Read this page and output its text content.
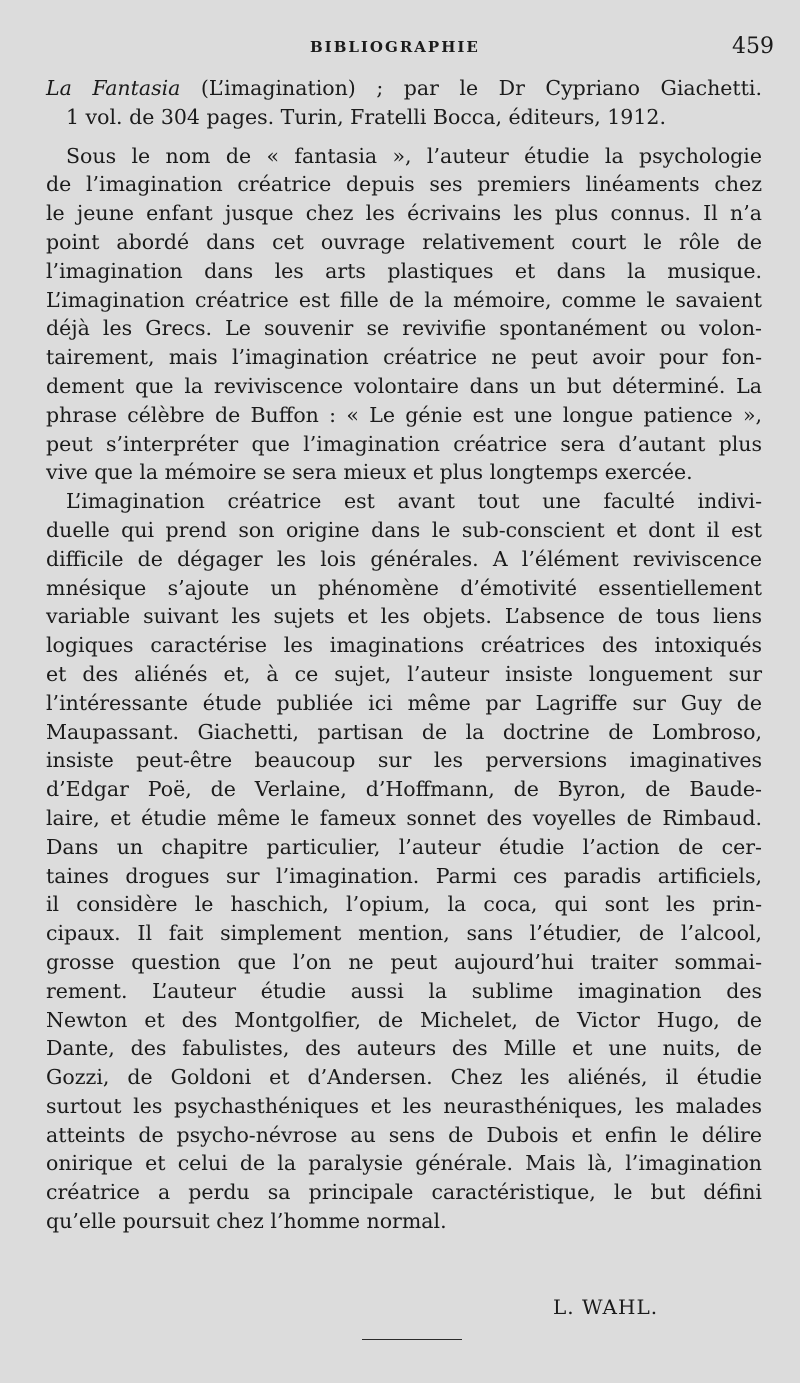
BIBLIOGRAPHIE	459
La Fantasia (L’imagination) ; par le Dr Cypriano Giachetti.
1 vol. de 304 pages. Turin, Fratelli Bocca, éditeurs, 1912.

Sous le nom de « fantasia », l’auteur étudie la psychologie
de l’imagination créatrice depuis ses premiers linéaments chez
le jeune enfant jusque chez les écrivains les plus connus. Il n’a
point abordé dans cet ouvrage relativement court le rôle de
l’imagination dans les arts plastiques et dans la musique.
L’imagination créatrice est fille de la mémoire, comme le savaient
déjà les Grecs. Le souvenir se revivifie spontanément ou volon-
tairement, mais l’imagination créatrice ne peut avoir pour fon-
dement que la reviviscence volontaire dans un but déterminé. La
phrase célèbre de Buffon : « Le génie est une longue patience »,
peut s’interpréter que l’imagination créatrice sera d’autant plus
vive que la mémoire se sera mieux et plus longtemps exercée.

L’imagination créatrice est avant tout une faculté indivi-
duelle qui prend son origine dans le sub-conscient et dont il est
difficile de dégager les lois générales. A l’élément reviviscence
mnésique s’ajoute un phénomène d’émotivité essentiellement
variable suivant les sujets et les objets. L’absence de tous liens
logiques caractérise les imaginations créatrices des intoxiqués
et des aliénés et, à ce sujet, l’auteur insiste longuement sur
l’intéressante étude publiée ici même par Lagriffe sur Guy de
Maupassant. Giachetti, partisan de la doctrine de Lombroso,
insiste peut-être beaucoup sur les perversions imaginatives
d’Edgar Poë, de Verlaine, d’Hoffmann, de Byron, de Baude-
laire, et étudie même le fameux sonnet des voyelles de Rimbaud.
Dans un chapitre particulier, l’auteur étudie l’action de cer-
taines drogues sur l’imagination. Parmi ces paradis artificiels,
il considère le haschich, l’opium, la coca, qui sont les prin-
cipaux. Il fait simplement mention, sans l’étudier, de l’alcool,
grosse question que l’on ne peut aujourd’hui traiter sommai-
rement. L’auteur étudie aussi la sublime imagination des
Newton et des Montgolfier, de Michelet, de Victor Hugo, de
Dante, des fabulistes, des auteurs des Mille et une nuits, de
Gozzi, de Goldoni et d’Andersen. Chez les aliénés, il étudie
surtout les psychasthéniques et les neurasthéniques, les malades
atteints de psycho-névrose au sens de Dubois et enfin le délire
onirique et celui de la paralysie générale. Mais là, l’imagination
créatrice a perdu sa principale caractéristique, le but défini
qu’elle poursuit chez l’homme normal.

L. WAHL.
